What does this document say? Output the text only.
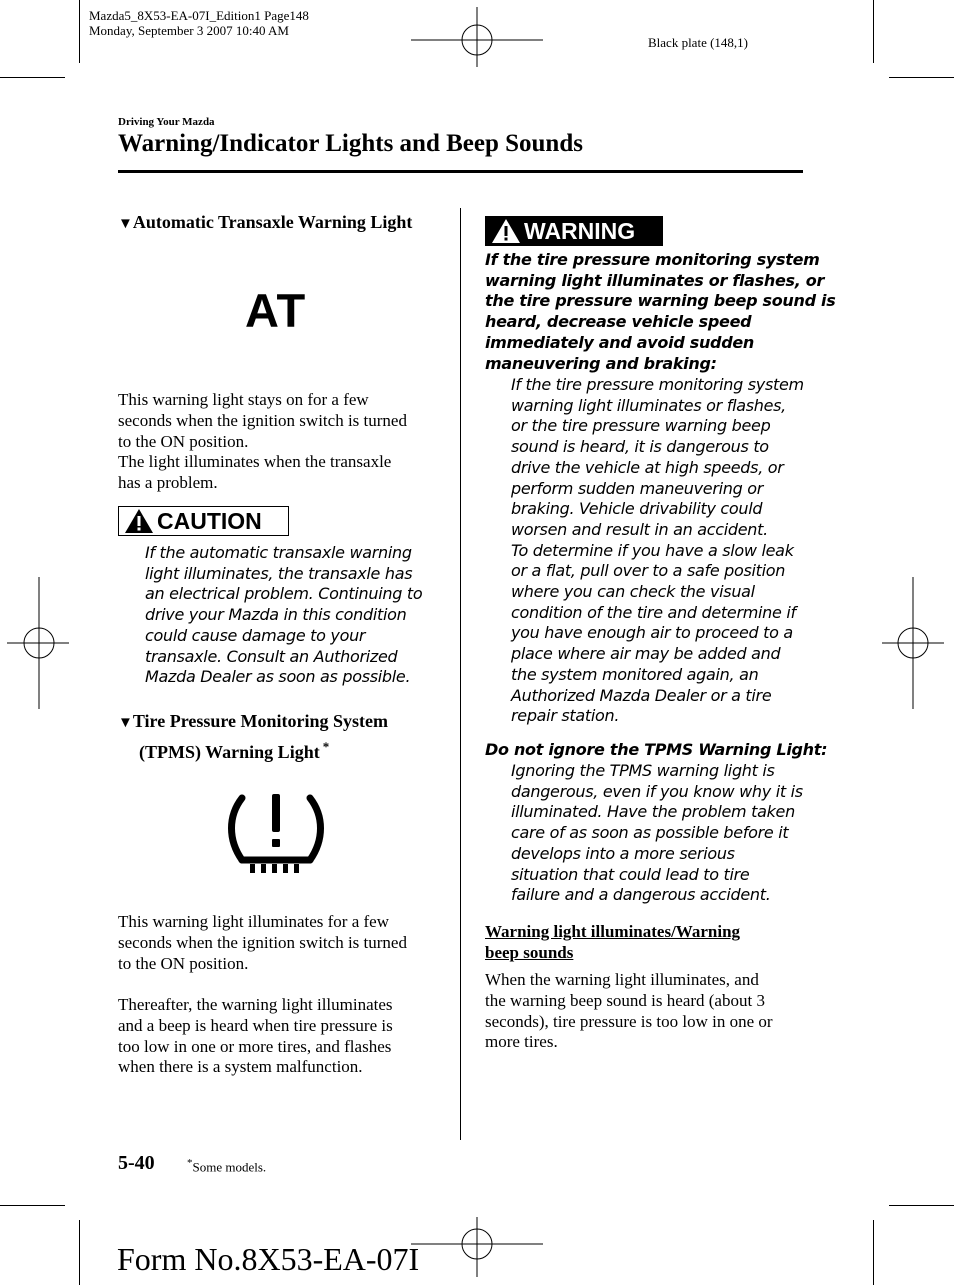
Mazda5_8X53-EA-07I_Edition1 Page148
Monday, September 3 2007 10:40 AM
Black plate (148,1)
Driving Your Mazda
Warning/Indicator Lights and Beep Sounds
▼Automatic Transaxle Warning Light
AT
This warning light stays on for a few
seconds when the ignition switch is turned
to the ON position.
The light illuminates when the transaxle
has a problem.
CAUTION
If the automatic transaxle warning
light illuminates, the transaxle has
an electrical problem. Continuing to
drive your Mazda in this condition
could cause damage to your
transaxle. Consult an Authorized
Mazda Dealer as soon as possible.
▼Tire Pressure Monitoring System
(TPMS) Warning Light *
This warning light illuminates for a few
seconds when the ignition switch is turned
to the ON position.
Thereafter, the warning light illuminates
and a beep is heard when tire pressure is
too low in one or more tires, and flashes
when there is a system malfunction.
WARNING
If the tire pressure monitoring system
warning light illuminates or flashes, or
the tire pressure warning beep sound is
heard, decrease vehicle speed
immediately and avoid sudden
maneuvering and braking:
If the tire pressure monitoring system
warning light illuminates or flashes,
or the tire pressure warning beep
sound is heard, it is dangerous to
drive the vehicle at high speeds, or
perform sudden maneuvering or
braking. Vehicle drivability could
worsen and result in an accident.
To determine if you have a slow leak
or a flat, pull over to a safe position
where you can check the visual
condition of the tire and determine if
you have enough air to proceed to a
place where air may be added and
the system monitored again, an
Authorized Mazda Dealer or a tire
repair station.
Do not ignore the TPMS Warning Light:
Ignoring the TPMS warning light is
dangerous, even if you know why it is
illuminated. Have the problem taken
care of as soon as possible before it
develops into a more serious
situation that could lead to tire
failure and a dangerous accident.
Warning light illuminates/Warning
beep sounds
When the warning light illuminates, and
the warning beep sound is heard (about 3
seconds), tire pressure is too low in one or
more tires.
5-40	*Some models.
Form No.8X53-EA-07I
